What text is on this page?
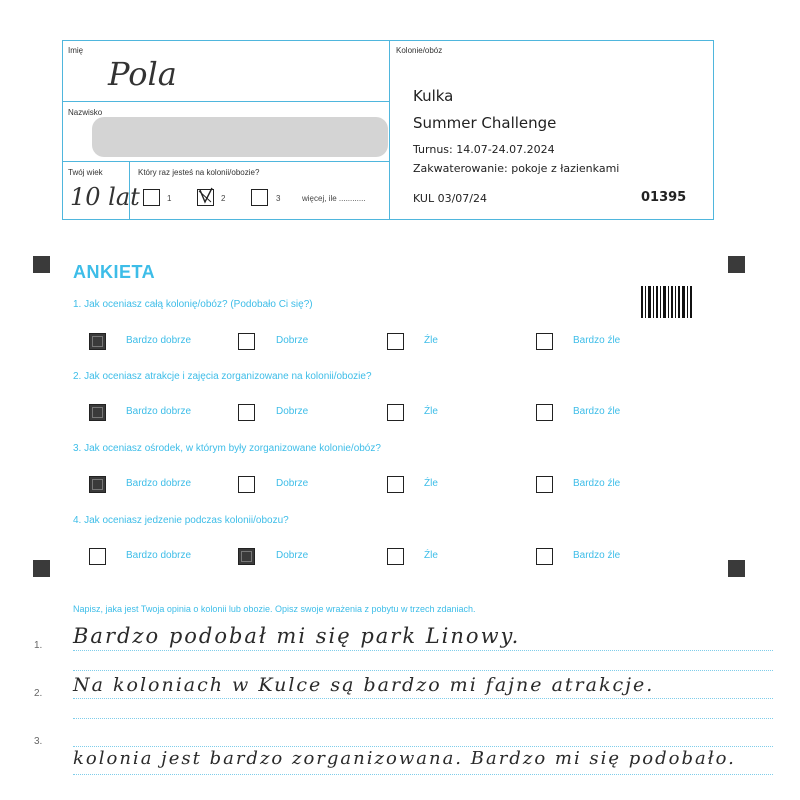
Imię
Pola
Nazwisko
Twój wiek
10 lat
Który raz jesteś na kolonii/obozie?
1	2	3	więcej, ile ............
Kolonie/obóz
Kulka
Summer Challenge
Turnus: 14.07-24.07.2024
Zakwaterowanie: pokoje z łazienkami
KUL 03/07/24	01395
ANKIETA
1. Jak oceniasz całą kolonię/obóz? (Podobało Ci się?)
Bardzo dobrze	Dobrze	Źle	Bardzo źle
2. Jak oceniasz atrakcje i zajęcia zorganizowane na kolonii/obozie?
Bardzo dobrze	Dobrze	Źle	Bardzo źle
3. Jak oceniasz ośrodek, w którym były zorganizowane kolonie/obóz?
Bardzo dobrze	Dobrze	Źle	Bardzo źle
4. Jak oceniasz jedzenie podczas kolonii/obozu?
Bardzo dobrze	Dobrze	Źle	Bardzo źle
Napisz, jaka jest Twoja opinia o kolonii lub obozie. Opisz swoje wrażenia z pobytu w trzech zdaniach.
1. Bardzo podobał mi się park Linowy.
2. Na koloniach w Kulce są bardzo mi fajne atrakcje.
3.
kolonia jest bardzo zorganizowana. Bardzo mi się podobało.
